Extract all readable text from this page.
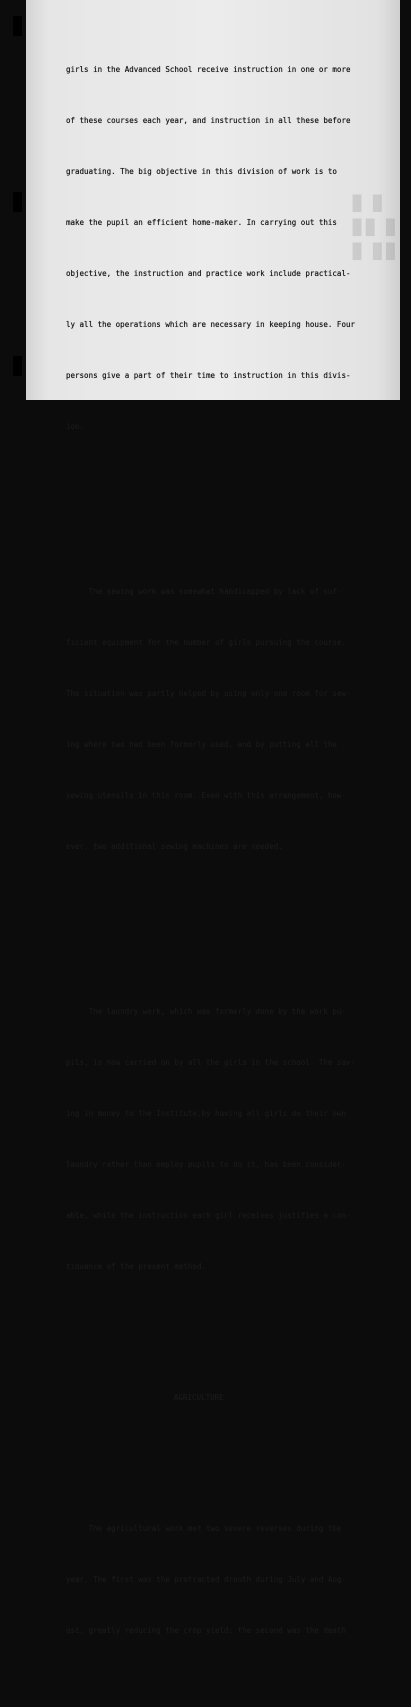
▮ ▮
▮▮ ▮
▮ ▮▮

girls in the Advanced School receive instruction in one or more

of these courses each year, and instruction in all these before

graduating. The big objective in this division of work is to

make the pupil an efficient home-maker. In carrying out this

objective, the instruction and practice work include practical-

ly all the operations which are necessary in keeping house. Four

persons give a part of their time to instruction in this divis-

ion.

The sewing work was somewhat handicapped by lack of suf-

ficient equipment for the number of girls pursuing the course.

The situation was partly helped by using only one room for sew-

ing where two had been formerly used, and by putting all the

sewing utensils in this room. Even with this arrangement, how-

ever, two additional sewing machines are needed.

The laundry work, which was formerly done by the work pu-

pils, is now carried on by all the girls in the school. The sav-

ing in money to the Institute,by having all girls do their own

laundry rather than employ pupils to do it, has been consider-

able, while the instruction each girl receives justifies a con-

tinuance of the present method.

AGRICULTURE

The agricultural work met two severe reverses during the

year. The first was the protracted drouth during July and Aug-

ust, greatly reducing the crop yield; the second was the death
